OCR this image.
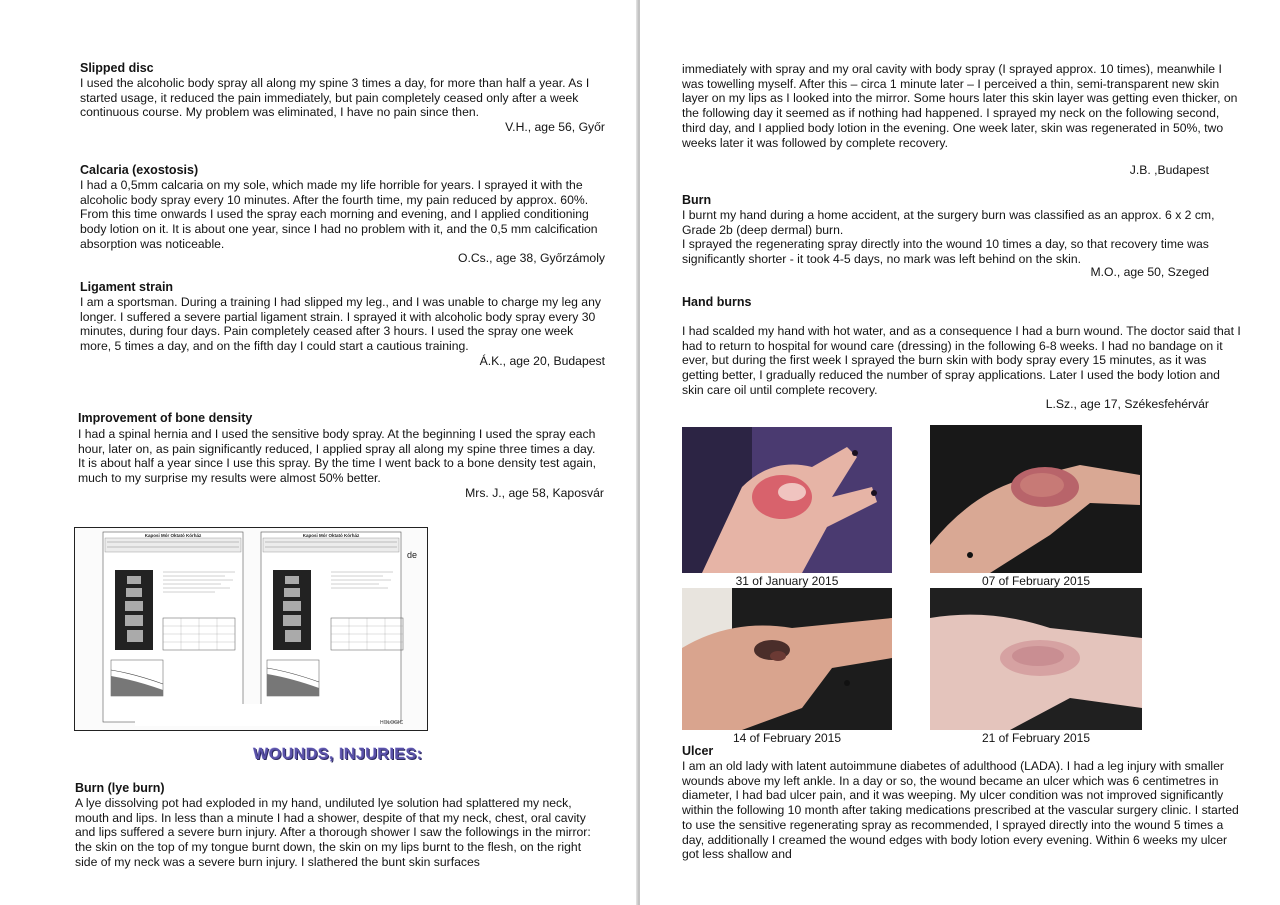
Slipped disc

I used the alcoholic body spray all along my spine 3 times a day, for more than half a year. As I started usage, it reduced the pain immediately, but pain completely ceased only after a week continuous course. My problem was eliminated, I have no pain since then.

V.H., age 56, Győr
Calcaria (exostosis)

I had a 0,5mm calcaria on my sole, which made my life horrible for years. I sprayed it with the alcoholic body spray every 10 minutes. After the fourth time, my pain reduced by approx. 60%. From this time onwards I used the spray each morning and evening, and I applied conditioning body lotion on it. It is about one year, since I had no problem with it, and the 0,5 mm calcification absorption was noticeable.

O.Cs., age 38, Győrzámoly
Ligament strain

I am a sportsman. During a training I had slipped my leg., and I was unable to charge my leg any longer. I suffered a severe partial ligament strain. I sprayed it with alcoholic body spray every 30 minutes, during four days. Pain completely ceased after 3 hours. I used the spray one week more, 5 times a day, and on the fifth day I could start a cautious training.

Á.K., age 20, Budapest
Improvement of bone density

I had a spinal hernia and I used the sensitive body spray. At the beginning I used the spray each hour, later on, as pain significantly reduced, I applied spray all along my spine three times a day. It is about half a year since I use this spray. By the time I went back to a bone density test again, much to my surprise my results were almost 50% better.

Mrs. J., age 58, Kaposvár
Kaposi Mór Oktató Kórház	Kaposi Mór Oktató Kórház
de
HOLOGIC
WOUNDS, INJURIES:
Burn (lye burn)

A lye dissolving pot had exploded in my hand, undiluted lye solution had splattered my neck, mouth and lips. In less than a minute I had a shower, despite of that my neck, chest, oral cavity and lips suffered a severe burn injury. After a thorough shower I saw the followings in the mirror: the skin on the top of my tongue burnt down, the skin on my lips burnt to the flesh, on the right side of my neck was a severe burn injury. I slathered the bunt skin surfaces

immediately with spray and my oral cavity with body spray (I sprayed approx. 10 times), meanwhile I was towelling myself. After this – circa 1 minute later – I perceived a thin, semi-transparent new skin layer on my lips as I looked into the mirror. Some hours later this skin layer was getting even thicker, on the following day it seemed as if nothing had happened. I sprayed my neck on the following second, third day, and I applied body lotion in the evening. One week later, skin was regenerated in 50%, two weeks later it was followed by complete recovery.

J.B. ,Budapest
Burn

I burnt my hand during a home accident, at the surgery burn was classified as an approx. 6 x 2 cm, Grade 2b (deep dermal) burn.

I sprayed the regenerating spray directly into the wound 10 times a day, so that recovery time was significantly shorter - it took 4-5 days, no mark was left behind on the skin.

M.O., age 50, Szeged
Hand burns

I had scalded my hand with hot water, and as a consequence I had a burn wound. The doctor said that I had to return to hospital for wound care (dressing) in the following 6-8 weeks. I had no bandage on it ever, but during the first week I sprayed the burn skin with body spray every 15 minutes, as it was getting better, I gradually reduced the number of spray applications. Later I used the body lotion and skin care oil until complete recovery.

L.Sz., age 17, Székesfehérvár
31 of January 2015	07 of February 2015
14 of February 2015	21 of February 2015
Ulcer

I am an old lady with latent autoimmune diabetes of adulthood (LADA). I had a leg injury with smaller wounds above my left ankle. In a day or so, the wound became an ulcer which was 6 centimetres in diameter, I had bad ulcer pain, and it was weeping. My ulcer condition was not improved significantly within the following 10 month after taking medications prescribed at the vascular surgery clinic. I started to use the sensitive regenerating spray as recommended, I sprayed directly into the wound 5 times a day, additionally I creamed the wound edges with body lotion every evening. Within 6 weeks my ulcer got less shallow and
